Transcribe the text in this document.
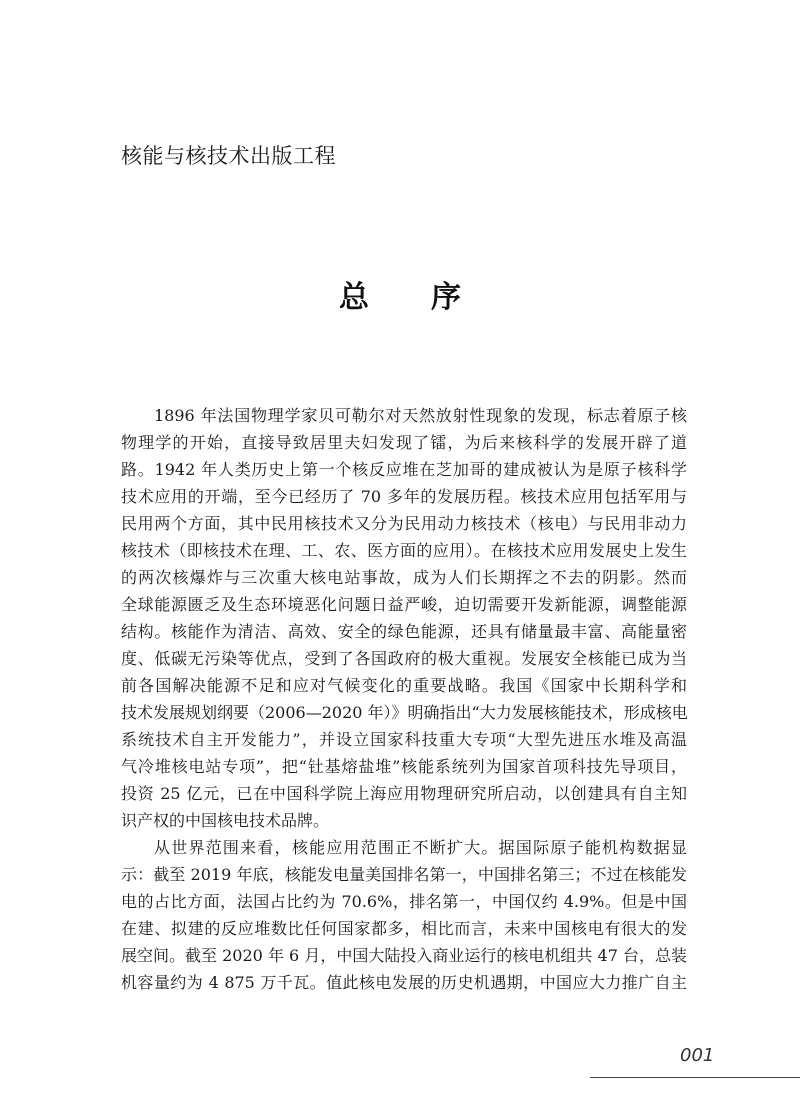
核能与核技术出版工程
总 序
1896 年法国物理学家贝可勒尔对天然放射性现象的发现，标志着原子核
物理学的开始，直接导致居里夫妇发现了镭，为后来核科学的发展开辟了道
路。1942 年人类历史上第一个核反应堆在芝加哥的建成被认为是原子核科学
技术应用的开端，至今已经历了 70 多年的发展历程。核技术应用包括军用与
民用两个方面，其中民用核技术又分为民用动力核技术（核电）与民用非动力
核技术（即核技术在理、工、农、医方面的应用）。在核技术应用发展史上发生
的两次核爆炸与三次重大核电站事故，成为人们长期挥之不去的阴影。然而
全球能源匮乏及生态环境恶化问题日益严峻，迫切需要开发新能源，调整能源
结构。核能作为清洁、高效、安全的绿色能源，还具有储量最丰富、高能量密
度、低碳无污染等优点，受到了各国政府的极大重视。发展安全核能已成为当
前各国解决能源不足和应对气候变化的重要战略。我国《国家中长期科学和
技术发展规划纲要（2006—2020 年）》明确指出“大力发展核能技术，形成核电
系统技术自主开发能力”，并设立国家科技重大专项“大型先进压水堆及高温
气冷堆核电站专项”，把“钍基熔盐堆”核能系统列为国家首项科技先导项目，
投资 25 亿元，已在中国科学院上海应用物理研究所启动，以创建具有自主知
识产权的中国核电技术品牌。
从世界范围来看，核能应用范围正不断扩大。据国际原子能机构数据显
示：截至 2019 年底，核能发电量美国排名第一，中国排名第三；不过在核能发
电的占比方面，法国占比约为 70.6%，排名第一，中国仅约 4.9%。但是中国
在建、拟建的反应堆数比任何国家都多，相比而言，未来中国核电有很大的发
展空间。截至 2020 年 6 月，中国大陆投入商业运行的核电机组共 47 台，总装
机容量约为 4 875 万千瓦。值此核电发展的历史机遇期，中国应大力推广自主
001
